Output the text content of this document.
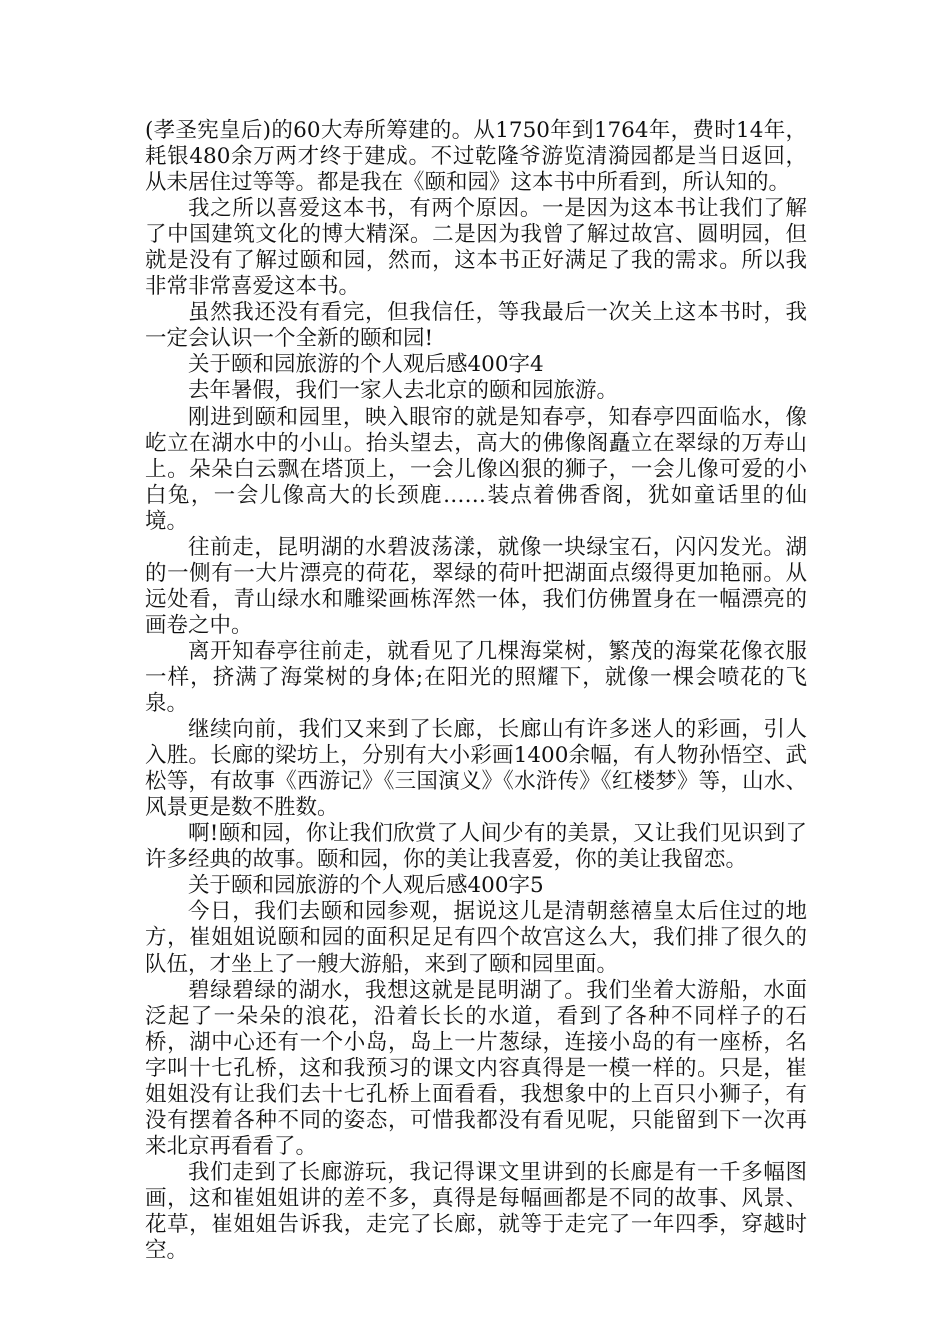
(孝圣宪皇后)的60大寿所筹建的。从1750年到1764年，费时14年，耗银480余万两才终于建成。不过乾隆爷游览清漪园都是当日返回，从未居住过等等。都是我在《颐和园》这本书中所看到，所认知的。

我之所以喜爱这本书，有两个原因。一是因为这本书让我们了解了中国建筑文化的博大精深。二是因为我曾了解过故宫、圆明园，但就是没有了解过颐和园，然而，这本书正好满足了我的需求。所以我非常非常喜爱这本书。

虽然我还没有看完，但我信任，等我最后一次关上这本书时，我一定会认识一个全新的颐和园!

关于颐和园旅游的个人观后感400字4

去年暑假，我们一家人去北京的颐和园旅游。

刚进到颐和园里，映入眼帘的就是知春亭，知春亭四面临水，像屹立在湖水中的小山。抬头望去，高大的佛像阁矗立在翠绿的万寿山上。朵朵白云飘在塔顶上，一会儿像凶狠的狮子，一会儿像可爱的小白兔，一会儿像高大的长颈鹿……装点着佛香阁，犹如童话里的仙境。

往前走，昆明湖的水碧波荡漾，就像一块绿宝石，闪闪发光。湖的一侧有一大片漂亮的荷花，翠绿的荷叶把湖面点缀得更加艳丽。从远处看，青山绿水和雕梁画栋浑然一体，我们仿佛置身在一幅漂亮的画卷之中。

离开知春亭往前走，就看见了几棵海棠树，繁茂的海棠花像衣服一样，挤满了海棠树的身体;在阳光的照耀下，就像一棵会喷花的飞泉。

继续向前，我们又来到了长廊，长廊山有许多迷人的彩画，引人入胜。长廊的梁坊上，分别有大小彩画1400余幅，有人物孙悟空、武松等，有故事《西游记》《三国演义》《水浒传》《红楼梦》等，山水、风景更是数不胜数。

啊!颐和园，你让我们欣赏了人间少有的美景，又让我们见识到了许多经典的故事。颐和园，你的美让我喜爱，你的美让我留恋。

关于颐和园旅游的个人观后感400字5

今日，我们去颐和园参观，据说这儿是清朝慈禧皇太后住过的地方，崔姐姐说颐和园的面积足足有四个故宫这么大，我们排了很久的队伍，才坐上了一艘大游船，来到了颐和园里面。

碧绿碧绿的湖水，我想这就是昆明湖了。我们坐着大游船，水面泛起了一朵朵的浪花，沿着长长的水道，看到了各种不同样子的石桥，湖中心还有一个小岛，岛上一片葱绿，连接小岛的有一座桥，名字叫十七孔桥，这和我预习的课文内容真得是一模一样的。只是，崔姐姐没有让我们去十七孔桥上面看看，我想象中的上百只小狮子，有没有摆着各种不同的姿态，可惜我都没有看见呢，只能留到下一次再来北京再看看了。

我们走到了长廊游玩，我记得课文里讲到的长廊是有一千多幅图画，这和崔姐姐讲的差不多，真得是每幅画都是不同的故事、风景、花草，崔姐姐告诉我，走完了长廊，就等于走完了一年四季，穿越时空。
